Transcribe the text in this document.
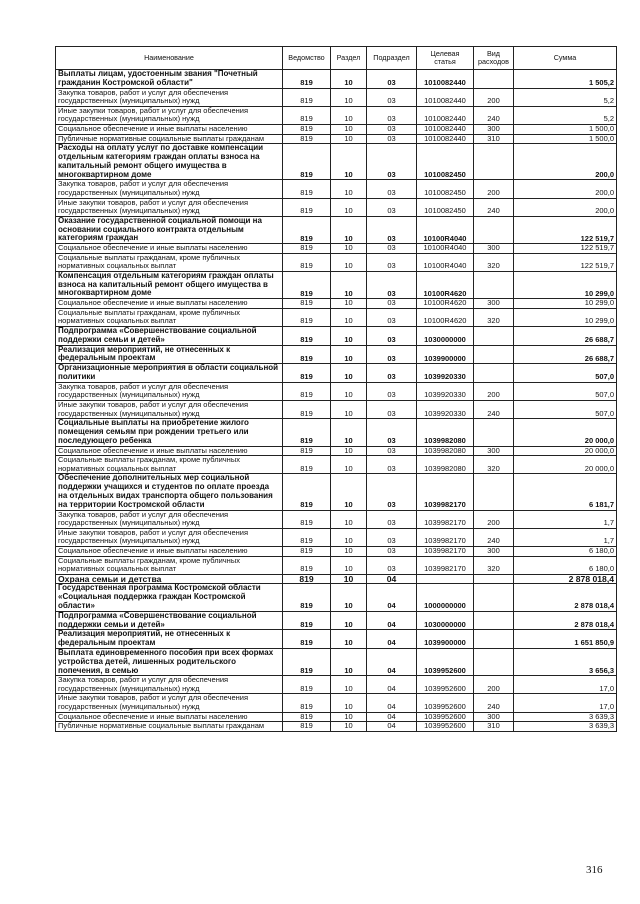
Наименование	Ведомство	Раздел	Подраздел	Целевая статья	Вид расходов	Сумма
Выплаты лицам, удостоенным звания "Почетный гражданин Костромской области"	819	10	03	1010082440		1 505,2
Закупка товаров, работ и услуг для обеспечения государственных (муниципальных) нужд	819	10	03	1010082440	200	5,2
Иные закупки товаров, работ и услуг для обеспечения государственных (муниципальных) нужд	819	10	03	1010082440	240	5,2
Социальное обеспечение и иные выплаты населению	819	10	03	1010082440	300	1 500,0
Публичные нормативные социальные выплаты гражданам	819	10	03	1010082440	310	1 500,0
Расходы на оплату услуг по доставке компенсации отдельным категориям граждан оплаты взноса на капитальный ремонт общего имущества в многоквартирном доме	819	10	03	1010082450		200,0
Закупка товаров, работ и услуг для обеспечения государственных (муниципальных) нужд	819	10	03	1010082450	200	200,0
Иные закупки товаров, работ и услуг для обеспечения государственных (муниципальных) нужд	819	10	03	1010082450	240	200,0
Оказание государственной социальной помощи на основании социального контракта отдельным категориям граждан	819	10	03	10100R4040		122 519,7
Социальное обеспечение и иные выплаты населению	819	10	03	10100R4040	300	122 519,7
Социальные выплаты гражданам, кроме публичных нормативных социальных выплат	819	10	03	10100R4040	320	122 519,7
Компенсация отдельным категориям граждан оплаты взноса на капитальный ремонт общего имущества в многоквартирном доме	819	10	03	10100R4620		10 299,0
Социальное обеспечение и иные выплаты населению	819	10	03	10100R4620	300	10 299,0
Социальные выплаты гражданам, кроме публичных нормативных социальных выплат	819	10	03	10100R4620	320	10 299,0
Подпрограмма «Совершенствование социальной поддержки семьи и детей»	819	10	03	1030000000		26 688,7
Реализация мероприятий, не отнесенных к федеральным проектам	819	10	03	1039900000		26 688,7
Организационные мероприятия в области социальной политики	819	10	03	1039920330		507,0
Закупка товаров, работ и услуг для обеспечения государственных (муниципальных) нужд	819	10	03	1039920330	200	507,0
Иные закупки товаров, работ и услуг для обеспечения государственных (муниципальных) нужд	819	10	03	1039920330	240	507,0
Социальные выплаты на приобретение жилого помещения семьям при рождении третьего или последующего ребенка	819	10	03	1039982080		20 000,0
Социальное обеспечение и иные выплаты населению	819	10	03	1039982080	300	20 000,0
Социальные выплаты гражданам, кроме публичных нормативных социальных выплат	819	10	03	1039982080	320	20 000,0
Обеспечение дополнительных мер социальной поддержки учащихся и студентов по оплате проезда на отдельных видах транспорта общего пользования на территории Костромской области	819	10	03	1039982170		6 181,7
Закупка товаров, работ и услуг для обеспечения государственных (муниципальных) нужд	819	10	03	1039982170	200	1,7
Иные закупки товаров, работ и услуг для обеспечения государственных (муниципальных) нужд	819	10	03	1039982170	240	1,7
Социальное обеспечение и иные выплаты населению	819	10	03	1039982170	300	6 180,0
Социальные выплаты гражданам, кроме публичных нормативных социальных выплат	819	10	03	1039982170	320	6 180,0
Охрана семьи и детства	819	10	04			2 878 018,4
Государственная программа Костромской области «Социальная поддержка граждан Костромской области»	819	10	04	1000000000		2 878 018,4
Подпрограмма «Совершенствование социальной поддержки семьи и детей»	819	10	04	1030000000		2 878 018,4
Реализация мероприятий, не отнесенных к федеральным проектам	819	10	04	1039900000		1 651 850,9
Выплата единовременного пособия при всех формах устройства детей, лишенных родительского попечения, в семью	819	10	04	1039952600		3 656,3
Закупка товаров, работ и услуг для обеспечения государственных (муниципальных) нужд	819	10	04	1039952600	200	17,0
Иные закупки товаров, работ и услуг для обеспечения государственных (муниципальных) нужд	819	10	04	1039952600	240	17,0
Социальное обеспечение и иные выплаты населению	819	10	04	1039952600	300	3 639,3
Публичные нормативные социальные выплаты гражданам	819	10	04	1039952600	310	3 639,3
316
